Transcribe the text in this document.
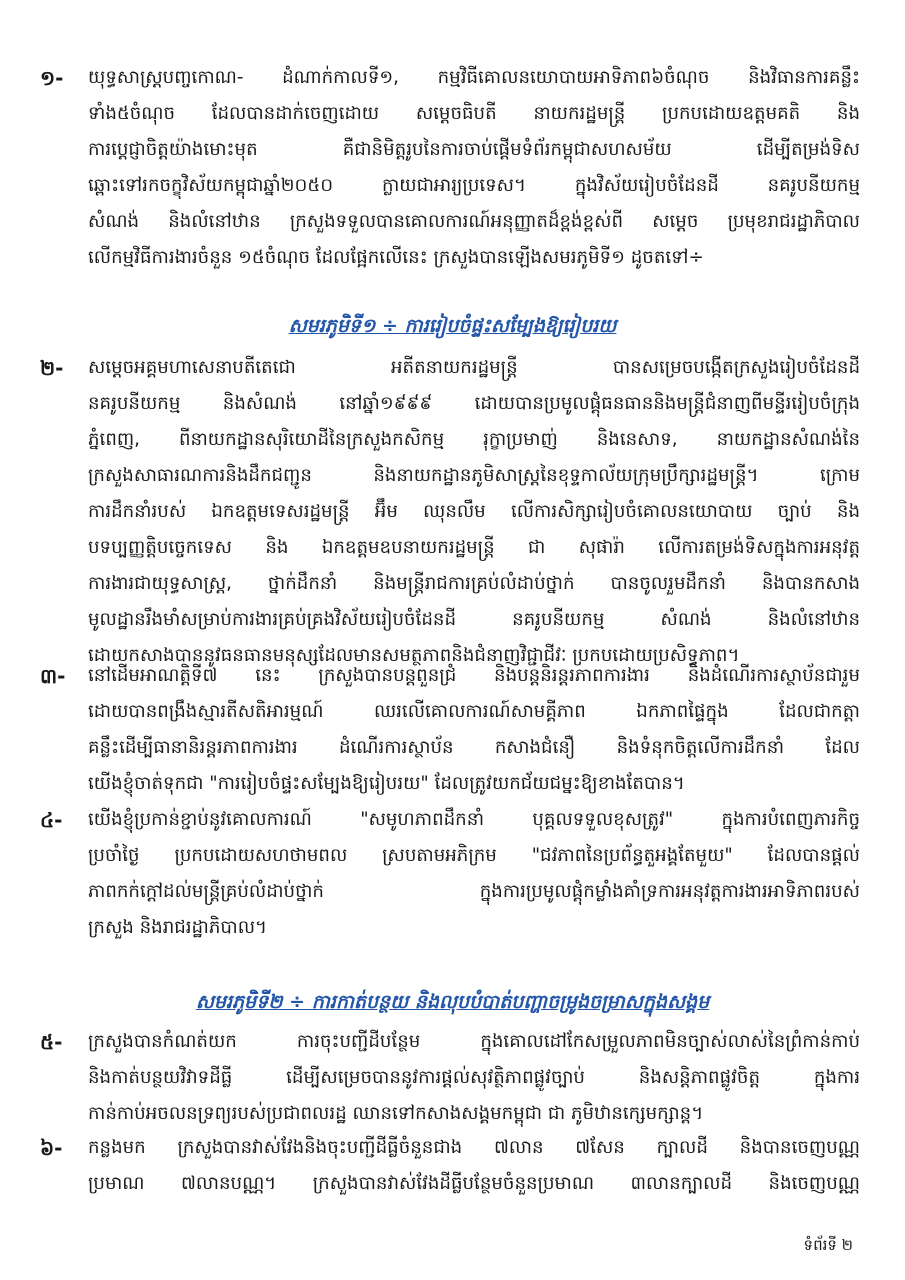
១-	យុទ្ធសាស្ត្របញ្ចកោណ- ដំណាក់កាលទី១, កម្មវិធីគោលនយោបាយអាទិភាព៦ចំណុច និងវិធានការគន្លឹះ
ទាំង៥ចំណុច ដែលបានដាក់ចេញដោយ សម្តេចធិបតី នាយករដ្ឋមន្ត្រី ប្រកបដោយឧត្តមគតិ និង
ការប្តេជ្ញាចិត្តយ៉ាងមោះមុត គឺជានិមិត្តរូបនៃការចាប់ផ្តើមទំព័រកម្ពុជាសហសម័យ ដើម្បីតម្រង់ទិស
ឆ្ពោះទៅរកចក្ខុវិស័យកម្ពុជាឆ្នាំ២០៥០ ក្លាយជាអារ្យប្រទេស។ ក្នុងវិស័យរៀបចំដែនដី នគរូបនីយកម្ម
សំណង់ និងលំនៅឋាន ក្រសួងទទួលបានគោលការណ៍អនុញ្ញាតដ៏ខ្ពង់ខ្ពស់ពី សម្តេច ប្រមុខរាជរដ្ឋាភិបាល
លើកម្មវិធីការងារចំនួន ១៥ចំណុច ដែលផ្អែកលើនេះ ក្រសួងបានឡើងសមរភូមិទី១ ដូចតទៅ÷
សមរភូមិទី១ ÷ ការរៀបចំផ្ទះសម្បែងឱ្យរៀបរយ
២-	សម្តេចអគ្គមហាសេនាបតីតេជោ អតីតនាយករដ្ឋមន្ត្រី បានសម្រេចបង្កើតក្រសួងរៀបចំដែនដី
នគរូបនីយកម្ម និងសំណង់ នៅឆ្នាំ១៩៩៩ ដោយបានប្រមូលផ្តុំធនធាននិងមន្ត្រីជំនាញពីមន្ទីររៀបចំក្រុង
ភ្នំពេញ, ពីនាយកដ្ឋានសុរិយោដីនៃក្រសួងកសិកម្ម រុក្ខាប្រមាញ់ និងនេសាទ, នាយកដ្ឋានសំណង់នៃ
ក្រសួងសាធារណការនិងដឹកជញ្ជូន និងនាយកដ្ឋានភូមិសាស្ត្រនៃខុទ្ទកាល័យក្រុមប្រឹក្សារដ្ឋមន្ត្រី។ ក្រោម
ការដឹកនាំរបស់ ឯកឧត្តមទេសរដ្ឋមន្ត្រី អ៊ឹម ឈុនលឹម លើការសិក្សារៀបចំគោលនយោបាយ ច្បាប់ និង
បទប្បញ្ញត្តិបច្ចេកទេស និង ឯកឧត្តមឧបនាយករដ្ឋមន្ត្រី ជា សុផារ៉ា លើការតម្រង់ទិសក្នុងការអនុវត្ត
ការងារជាយុទ្ធសាស្ត្រ, ថ្នាក់ដឹកនាំ និងមន្ត្រីរាជការគ្រប់លំដាប់ថ្នាក់ បានចូលរួមដឹកនាំ និងបានកសាង
មូលដ្ឋានរឹងមាំសម្រាប់ការងារគ្រប់គ្រងវិស័យរៀបចំដែនដី នគរូបនីយកម្ម សំណង់ និងលំនៅឋាន
ដោយកសាងបាននូវធនធានមនុស្សដែលមានសមត្ថភាពនិងជំនាញវិជ្ជាជីវៈ ប្រកបដោយប្រសិទ្ធភាព។
៣-	នៅដើមអាណត្តិទី៧ នេះ ក្រសួងបានបន្តពួនជ្រំ និងបន្តនិរន្តរភាពការងារ និងដំណើរការស្ថាប័នជារួម
ដោយបានពង្រឹងស្មារតីសតិអារម្មណ៍ ឈរលើគោលការណ៍សាមគ្គីភាព ឯកភាពផ្ទៃក្នុង ដែលជាកត្តា
គន្លឹះដើម្បីធានានិរន្តរភាពការងារ ដំណើរការស្ថាប័ន កសាងជំនឿ និងទំនុកចិត្តលើការដឹកនាំ ដែល
យើងខ្ញុំចាត់ទុកជា "ការរៀបចំផ្ទះសម្បែងឱ្យរៀបរយ" ដែលត្រូវយកជ័យជម្នះឱ្យខាងតែបាន។
៤-	យើងខ្ញុំប្រកាន់ខ្ជាប់នូវគោលការណ៍ "សមូហភាពដឹកនាំ បុគ្គលទទួលខុសត្រូវ" ក្នុងការបំពេញភារកិច្ច
ប្រចាំថ្ងៃ ប្រកបដោយសហថាមពល ស្របតាមអភិក្រម "ជវភាពនៃប្រព័ន្ធតួអង្គតែមួយ" ដែលបានផ្តល់
ភាពកក់ក្តៅដល់មន្ត្រីគ្រប់លំដាប់ថ្នាក់ ក្នុងការប្រមូលផ្តុំកម្លាំងគាំទ្រការអនុវត្តការងារអាទិភាពរបស់
ក្រសួង និងរាជរដ្ឋាភិបាល។
សមរភូមិទី២ ÷ ការកាត់បន្ថយ និងលុបបំបាត់បញ្ហាចម្រូងចម្រាសក្នុងសង្គម
៥-	ក្រសួងបានកំណត់យក ការចុះបញ្ជីដីបន្ថែម ក្នុងគោលដៅកែសម្រួលភាពមិនច្បាស់លាស់នៃព្រំកាន់កាប់
និងកាត់បន្ថយវិវាទដីធ្លី ដើម្បីសម្រេចបាននូវការផ្តល់សុវត្ថិភាពផ្លូវច្បាប់ និងសន្តិភាពផ្លូវចិត្ត ក្នុងការ
កាន់កាប់អចលនទ្រព្យរបស់ប្រជាពលរដ្ឋ ឈានទៅកសាងសង្គមកម្ពុជា ជា ភូមិឋានក្សេមក្សាន្ត។
៦-	កន្លងមក ក្រសួងបានវាស់វែងនិងចុះបញ្ជីដីធ្លីចំនួនជាង ៧លាន ៧សែន ក្បាលដី និងបានចេញបណ្ណ
ប្រមាណ ៧លានបណ្ណ។ ក្រសួងបានវាស់វែងដីធ្លីបន្ថែមចំនួនប្រមាណ ៣លានក្បាលដី និងចេញបណ្ណ
ទំព័រទី ២
